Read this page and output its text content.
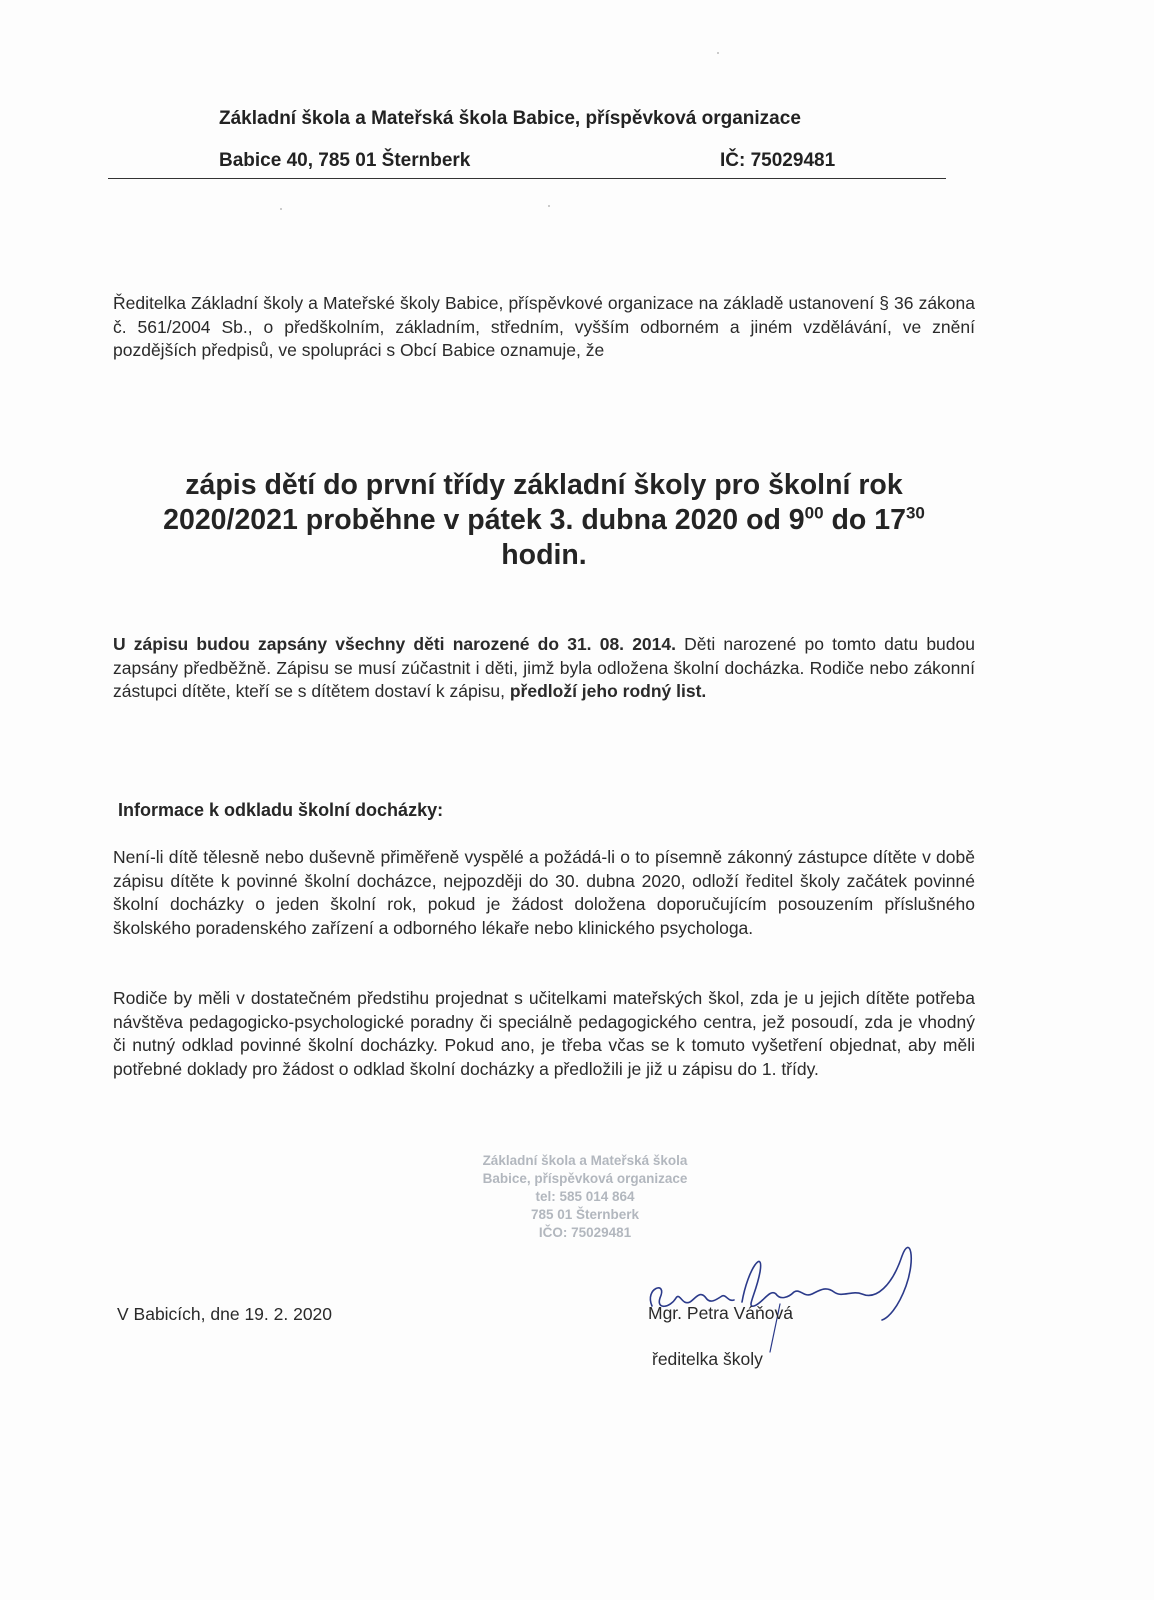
Základní škola a Mateřská škola Babice, příspěvková organizace
Babice 40, 785 01 Šternberk	IČ: 75029481

Ředitelka Základní školy a Mateřské školy Babice, příspěvkové organizace na základě ustanovení § 36 zákona č. 561/2004 Sb., o předškolním, základním, středním, vyšším odborném a jiném vzdělávání, ve znění pozdějších předpisů, ve spolupráci s Obcí Babice oznamuje, že

zápis dětí do první třídy základní školy pro školní rok 2020/2021 proběhne v pátek 3. dubna 2020 od $9^{00}$ do $17^{30}$ hodin.

U zápisu budou zapsány všechny děti narozené do 31. 08. 2014. Děti narozené po tomto datu budou zapsány předběžně. Zápisu se musí zúčastnit i děti, jimž byla odložena školní docházka. Rodiče nebo zákonní zástupci dítěte, kteří se s dítětem dostaví k zápisu, předloží jeho rodný list.

Informace k odkladu školní docházky:

Není-li dítě tělesně nebo duševně přiměřeně vyspělé a požádá-li o to písemně zákonný zástupce dítěte v době zápisu dítěte k povinné školní docházce, nejpozději do 30. dubna 2020, odloží ředitel školy začátek povinné školní docházky o jeden školní rok, pokud je žádost doložena doporučujícím posouzením příslušného školského poradenského zařízení a odborného lékaře nebo klinického psychologa.

Rodiče by měli v dostatečném předstihu projednat s učitelkami mateřských škol, zda je u jejich dítěte potřeba návštěva pedagogicko-psychologické poradny či speciálně pedagogického centra, jež posoudí, zda je vhodný či nutný odklad povinné školní docházky. Pokud ano, je třeba včas se k tomuto vyšetření objednat, aby měli potřebné doklady pro žádost o odklad školní docházky a předložili je již u zápisu do 1. třídy.

Základní škola a Mateřská škola
Babice, příspěvková organizace
tel: 585 014 864
785 01 Šternberk
IČO: 75029481

V Babicích, dne 19. 2. 2020	Mgr. Petra Váňová

ředitelka školy
